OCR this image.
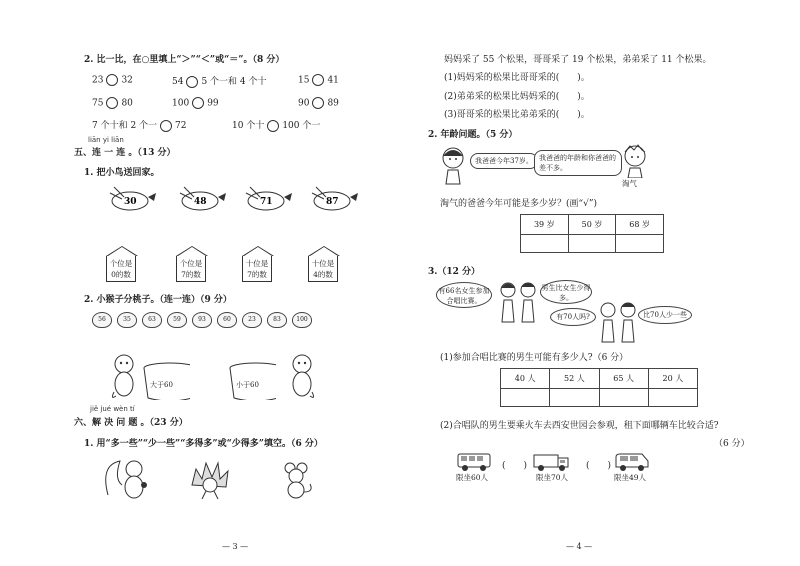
2. 比一比，在○里填上“＞”“＜”或“＝”。（8 分）
23 32	54 5 个一和 4 个十	15 41
75 80	100 99	90 89
7 个十和 2 个一 72	10 个十 100 个一
liān yi liān
五、连 一 连 。（13 分）
1. 把小鸟送回家。
30	48	71	87
个位是
0的数
个位是
7的数
十位是
7的数
十位是
4的数
2. 小猴子分桃子。（连一连）（9 分）
56	35	63	59	93	60	23	83	100
大于60	小于60
jiě jué wèn tí
六、解 决 问 题 。（23 分）
1. 用“多一些”“少一些”“多得多”或“少得多”填空。（6 分）
— 3 —
妈妈采了 55 个松果，哥哥采了 19 个松果，弟弟采了 11 个松果。
(1)妈妈采的松果比哥哥采的(　　)。
(2)弟弟采的松果比妈妈采的(　　)。
(3)哥哥采的松果比弟弟采的(　　)。
2. 年龄问题。（5 分）
我爸爸今年37岁。 我爸爸的年龄和你爸爸的差不多。
淘气
淘气的爸爸今年可能是多少岁？(画“√”)
39 岁	50 岁	68 岁

3.（12 分）
有66名女生参加合唱比赛。
男生比女生少得多。
有70人吗?	比70人少一些
(1)参加合唱比赛的男生可能有多少人?（6 分）
40 人	52 人	65 人	20 人

(2)合唱队的男生要乘火车去西安世园会参观，租下面哪辆车比较合适?
（6 分）
限坐60人
(　　)
限坐70人
(　　)
限坐49人
— 4 —
